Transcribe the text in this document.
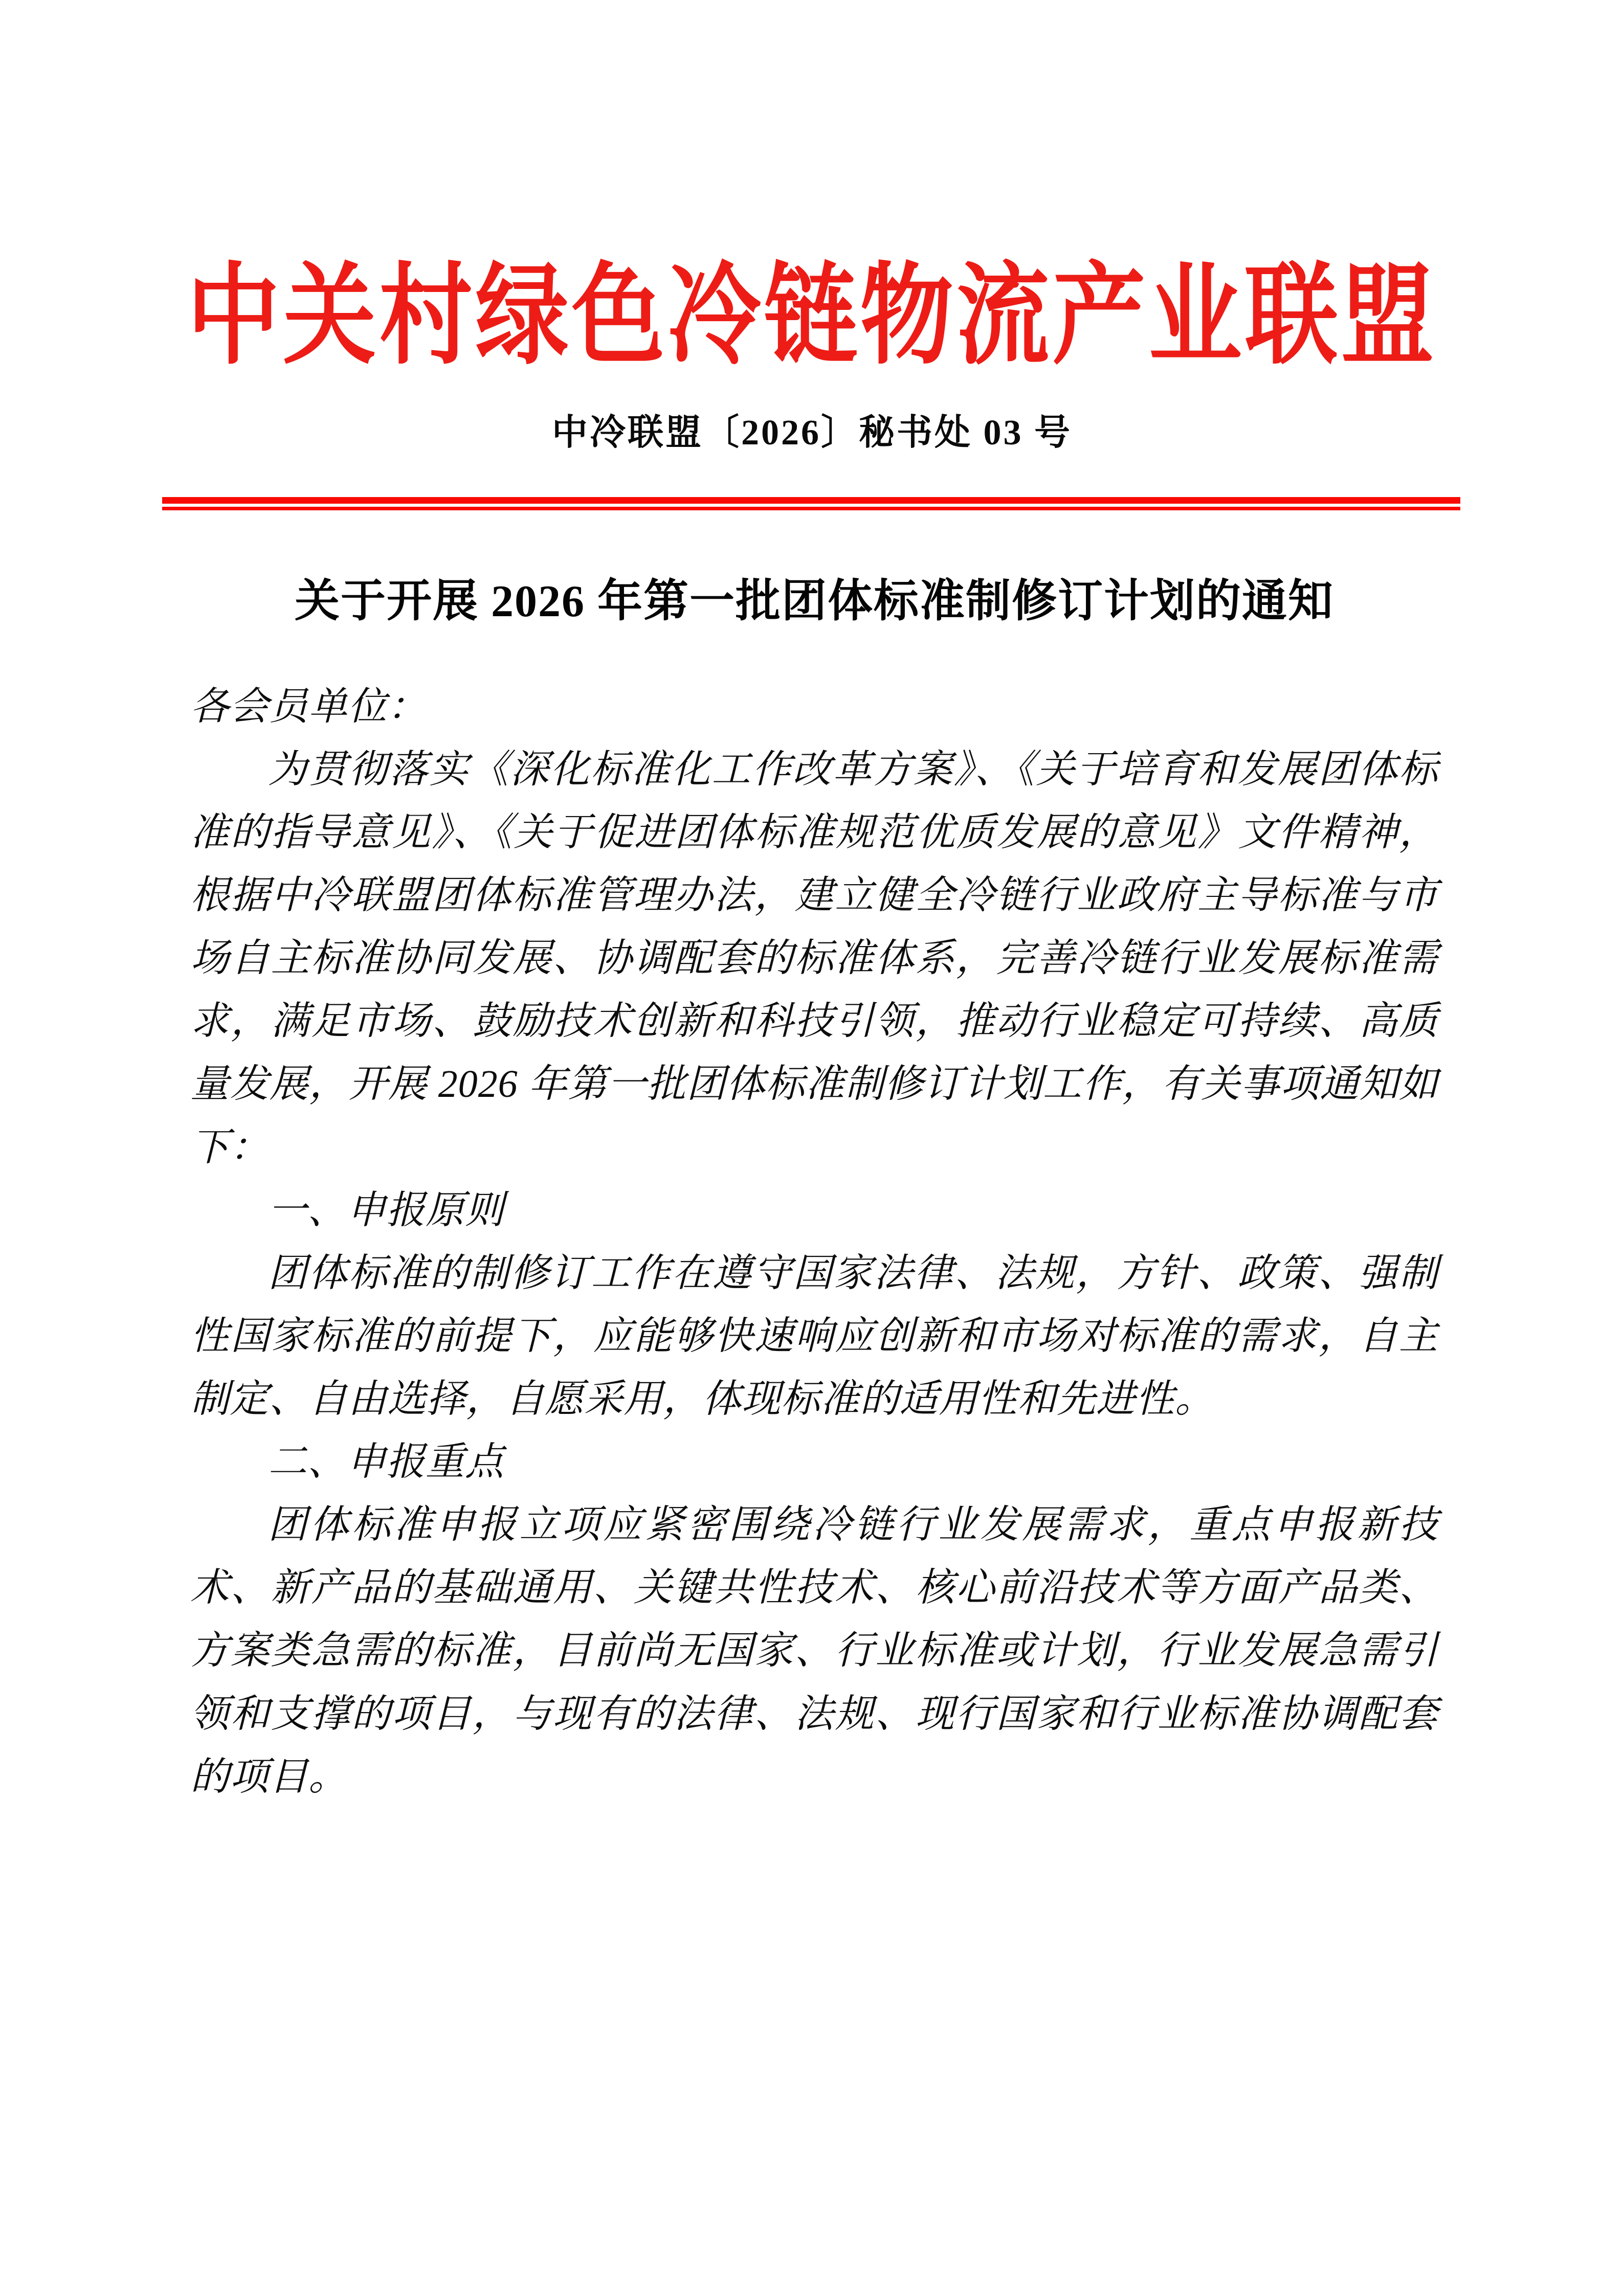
中关村绿色冷链物流产业联盟
中冷联盟〔2026〕秘书处 03 号
关于开展 2026 年第一批团体标准制修订计划的通知

各会员单位：

为贯彻落实《深化标准化工作改革方案》、《关于培育和发展团体标准的指导意见》、《关于促进团体标准规范优质发展的意见》文件精神，根据中冷联盟团体标准管理办法，建立健全冷链行业政府主导标准与市场自主标准协同发展、协调配套的标准体系，完善冷链行业发展标准需求，满足市场、鼓励技术创新和科技引领，推动行业稳定可持续、高质量发展，开展 2026 年第一批团体标准制修订计划工作，有关事项通知如下：

一、申报原则

团体标准的制修订工作在遵守国家法律、法规，方针、政策、强制性国家标准的前提下，应能够快速响应创新和市场对标准的需求，自主制定、自由选择，自愿采用，体现标准的适用性和先进性。

二、申报重点

团体标准申报立项应紧密围绕冷链行业发展需求，重点申报新技术、新产品的基础通用、关键共性技术、核心前沿技术等方面产品类、方案类急需的标准，目前尚无国家、行业标准或计划，行业发展急需引领和支撑的项目，与现有的法律、法规、现行国家和行业标准协调配套的项目。
